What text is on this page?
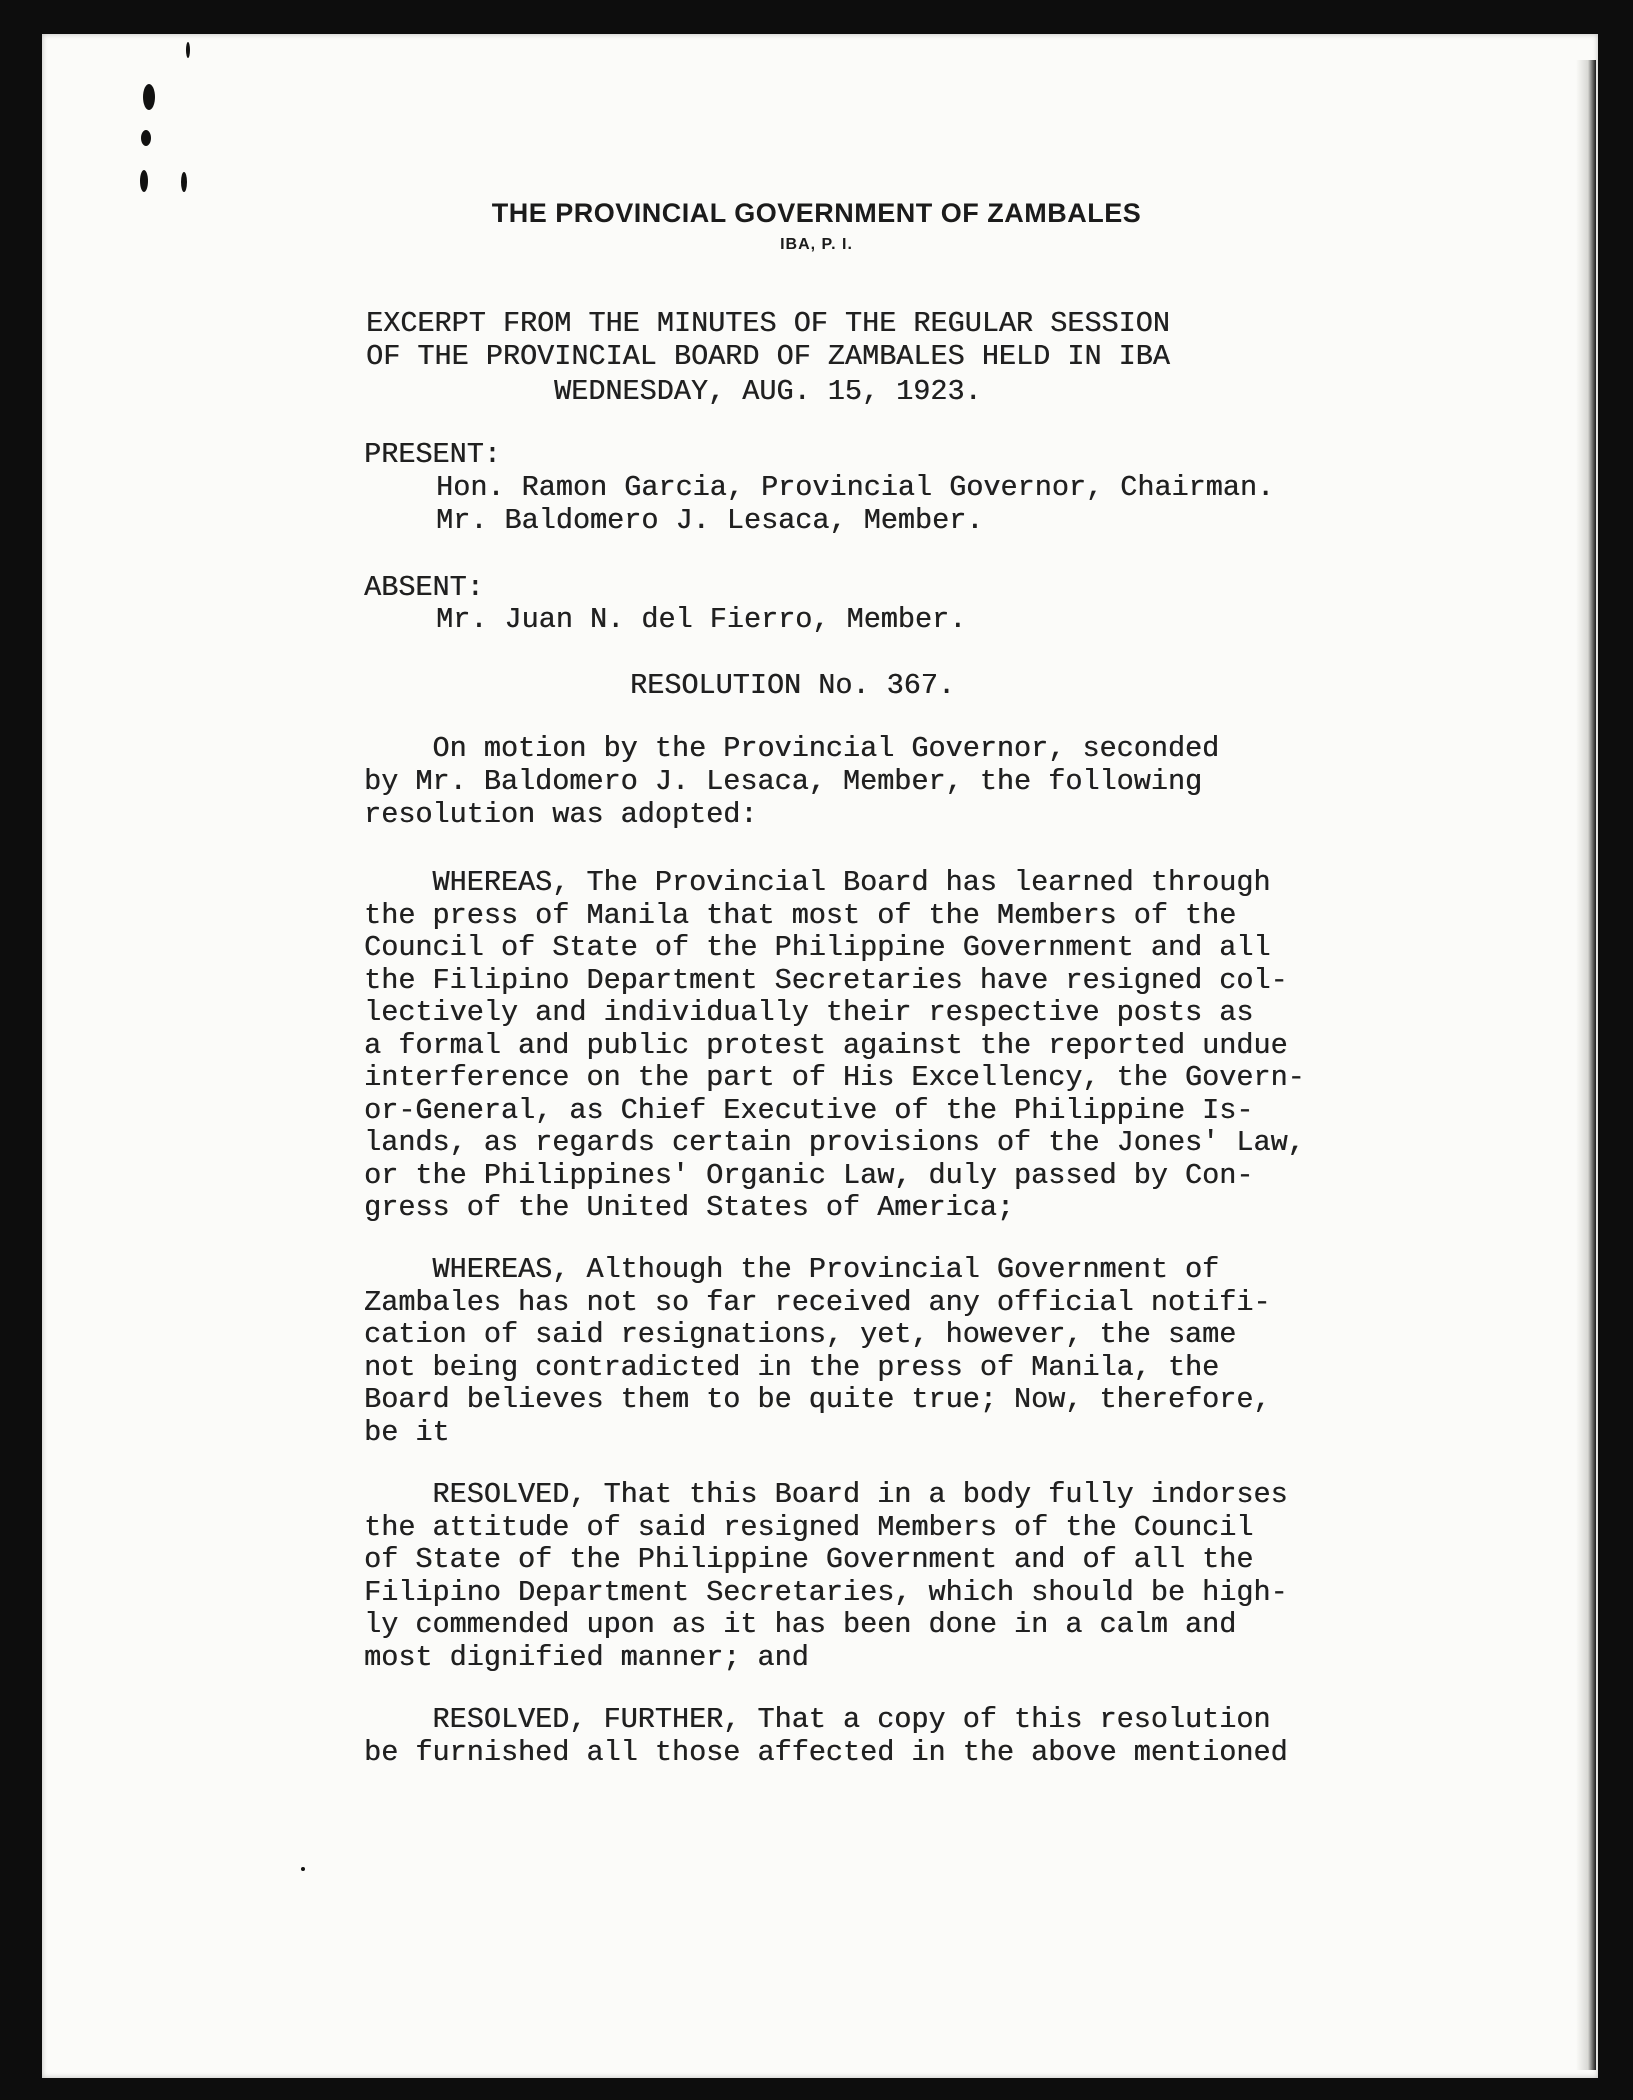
THE PROVINCIAL GOVERNMENT OF ZAMBALES
IBA, P. I.
EXCERPT FROM THE MINUTES OF THE REGULAR SESSION
OF THE PROVINCIAL BOARD OF ZAMBALES HELD IN IBA
WEDNESDAY, AUG. 15, 1923.
PRESENT:
Hon. Ramon Garcia, Provincial Governor, Chairman.
Mr. Baldomero J. Lesaca, Member.
ABSENT:
Mr. Juan N. del Fierro, Member.
RESOLUTION No. 367.
On motion by the Provincial Governor, seconded
by Mr. Baldomero J. Lesaca, Member, the following
resolution was adopted:
WHEREAS, The Provincial Board has learned through
the press of Manila that most of the Members of the
Council of State of the Philippine Government and all
the Filipino Department Secretaries have resigned col-
lectively and individually their respective posts as
a formal and public protest against the reported undue
interference on the part of His Excellency, the Govern-
or-General, as Chief Executive of the Philippine Is-
lands, as regards certain provisions of the Jones' Law,
or the Philippines' Organic Law, duly passed by Con-
gress of the United States of America;
WHEREAS, Although the Provincial Government of
Zambales has not so far received any official notifi-
cation of said resignations, yet, however, the same
not being contradicted in the press of Manila, the
Board believes them to be quite true; Now, therefore,
be it
RESOLVED, That this Board in a body fully indorses
the attitude of said resigned Members of the Council
of State of the Philippine Government and of all the
Filipino Department Secretaries, which should be high-
ly commended upon as it has been done in a calm and
most dignified manner; and
RESOLVED, FURTHER, That a copy of this resolution
be furnished all those affected in the above mentioned
